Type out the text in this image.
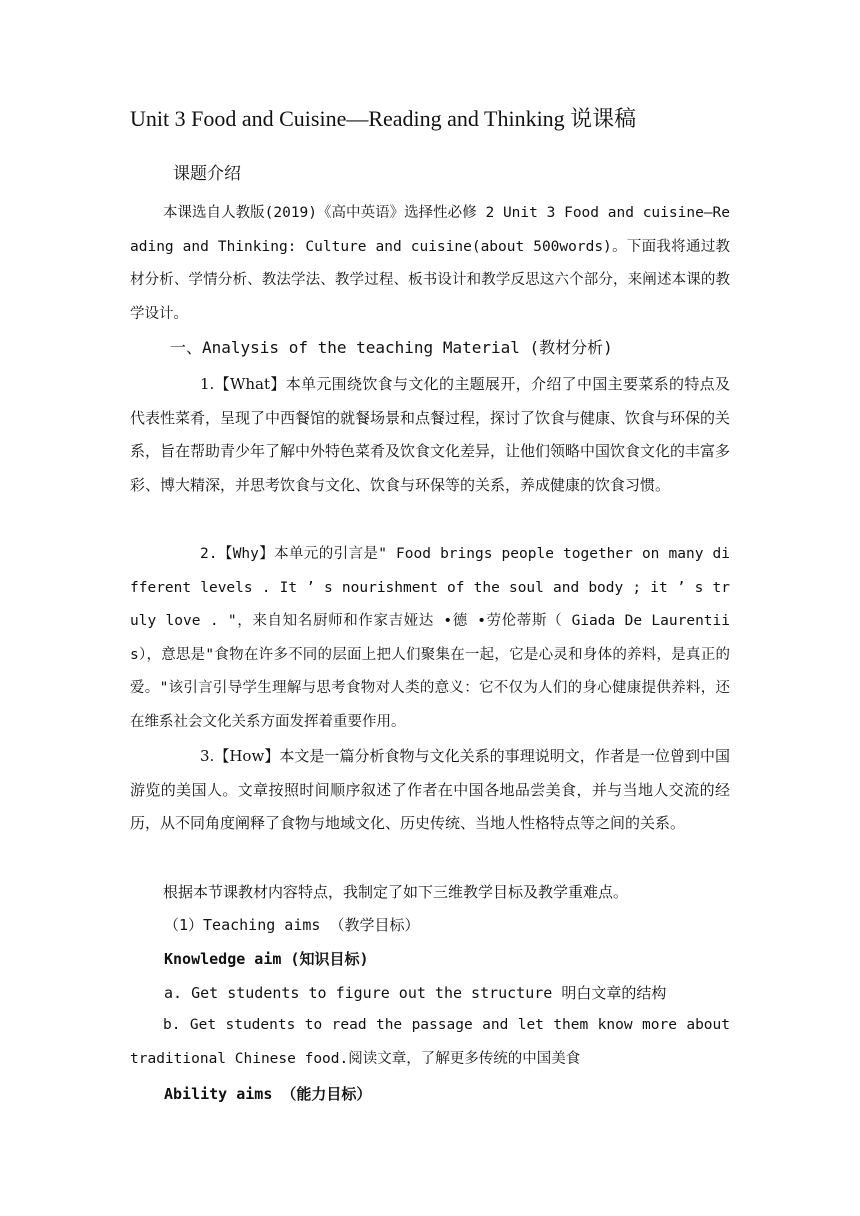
Unit 3 Food and Cuisine—Reading and Thinking 说课稿
课题介绍

本课选自人教版(2019)《高中英语》选择性必修 2 Unit 3 Food and cuisine—Reading and Thinking: Culture and cuisine(about 500words)。下面我将通过教材分析、学情分析、教法学法、教学过程、板书设计和教学反思这六个部分，来阐述本课的教学设计。

一、Analysis of the teaching Material (教材分析)

1.【What】本单元围绕饮食与文化的主题展开，介绍了中国主要菜系的特点及代表性菜肴，呈现了中西餐馆的就餐场景和点餐过程，探讨了饮食与健康、饮食与环保的关系，旨在帮助青少年了解中外特色菜肴及饮食文化差异，让他们领略中国饮食文化的丰富多彩、博大精深，并思考饮食与文化、饮食与环保等的关系，养成健康的饮食习惯。

2.【Why】本单元的引言是" Food brings people together on many different levels . It ’ s nourishment of the soul and body ; it ’ s truly love . "，来自知名厨师和作家吉娅达 •德 •劳伦蒂斯（ Giada De Laurentiis），意思是"食物在许多不同的层面上把人们聚集在一起，它是心灵和身体的养料，是真正的爱。"该引言引导学生理解与思考食物对人类的意义：它不仅为人们的身心健康提供养料，还在维系社会文化关系方面发挥着重要作用。

3.【How】本文是一篇分析食物与文化关系的事理说明文，作者是一位曾到中国游览的美国人。文章按照时间顺序叙述了作者在中国各地品尝美食，并与当地人交流的经历，从不同角度阐释了食物与地域文化、历史传统、当地人性格特点等之间的关系。

根据本节课教材内容特点，我制定了如下三维教学目标及教学重难点。

（1）Teaching aims （教学目标）
Knowledge aim (知识目标)
a. Get students to figure out the structure 明白文章的结构

b. Get students to read the passage and let them know more about traditional Chinese food.阅读文章，了解更多传统的中国美食

Ability aims （能力目标）
